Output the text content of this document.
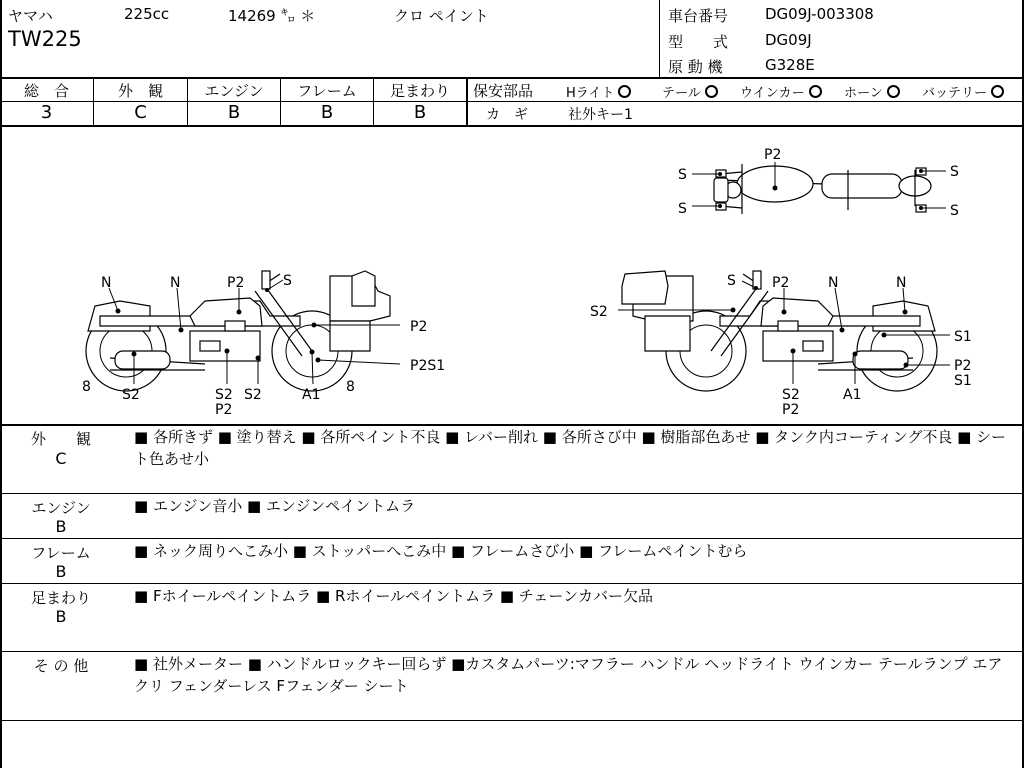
ヤマハ	225cc	14269 ㌔ ＊	クロ ペイント
TW225
車台番号 DG09J-003308
型　　式 DG09J
原 動 機	G328E
総　合	外　観	エンジン	フレーム	足まわり
3	C	B	B	B
保安部品	Hライト	テール	ウインカー	ホーン	バッテリー
カ　ギ	社外キー1
P2
S
S
S
S
N	N	P2	S
P2
P2S1
8 S2	S2
P2
S2	A1 8
S2
S	P2	N	N
S1
P2
S1
S2
P2
A1
外　　観
C
■ 各所きず ■ 塗り替え ■ 各所ペイント不良 ■ レバー削れ ■ 各所さび中 ■ 樹脂部色あせ ■ タンク内コーティング不良 ■ シート色あせ小
エンジン
B
■ エンジン音小 ■ エンジンペイントムラ
フレーム
B
■ ネック周りへこみ小 ■ ストッパーへこみ中 ■ フレームさび小 ■ フレームペイントむら
足まわり
B
■ Fホイールペイントムラ ■ Rホイールペイントムラ ■ チェーンカバー欠品
そ の 他	■ 社外メーター ■ ハンドルロックキー回らず ■カスタムパーツ:マフラー ハンドル ヘッドライト ウインカー テールランプ エアクリ フェンダーレス Fフェンダー シート
